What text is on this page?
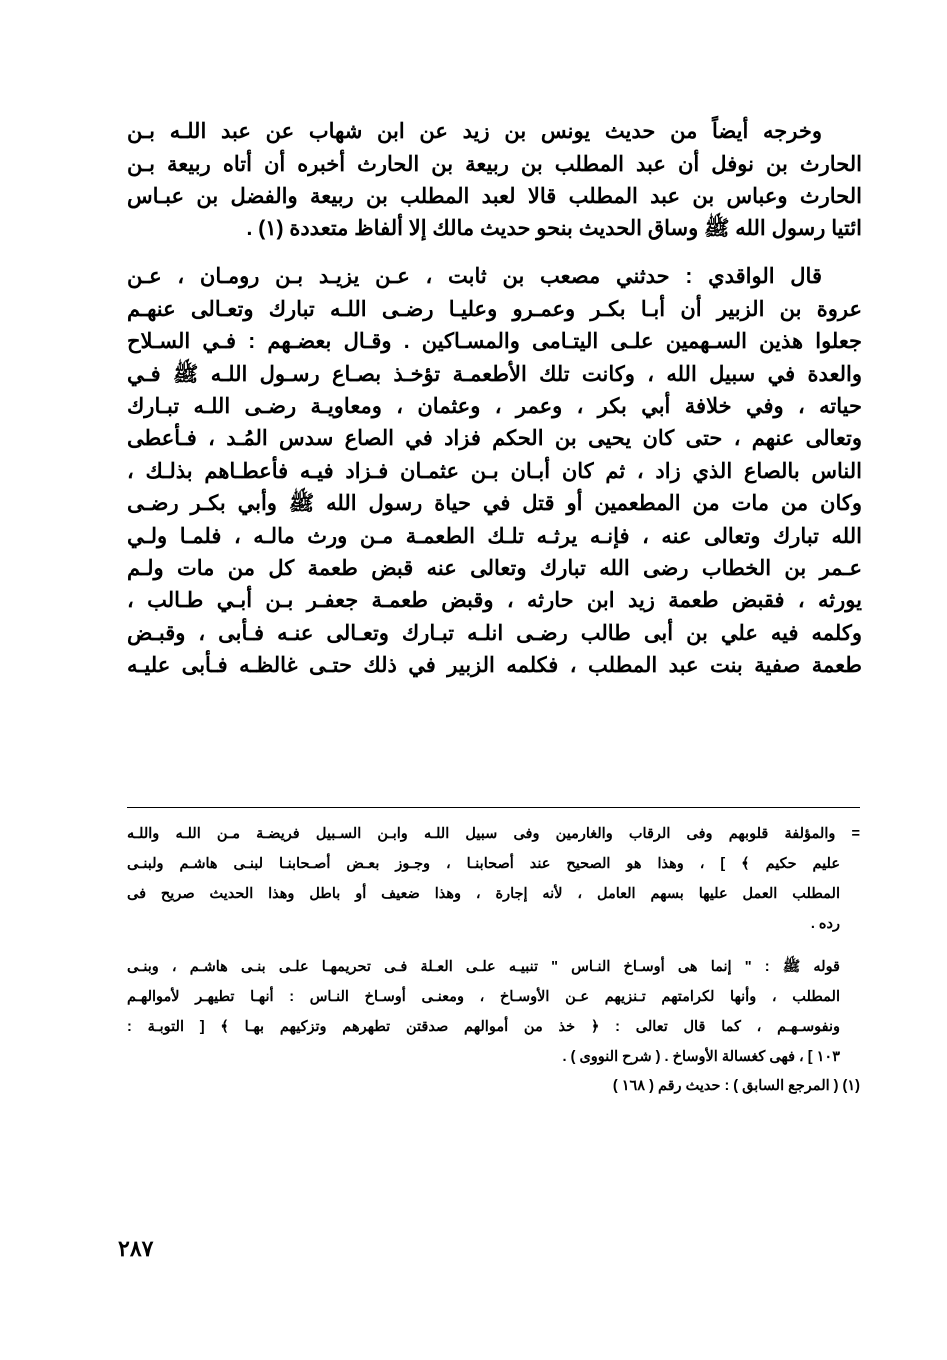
وخرجه أيضاً من حديث يونس بن زيد عن ابن شهاب عن عبد اللـه بـن
الحارث بن نوفل أن عبد المطلب بن ربيعة بن الحارث أخبره أن أتاه ربيعة بـن
الحارث وعباس بن عبد المطلب قالا لعبد المطلب بن ربيعة والفضل بن عبـاس
ائتيا رسول الله ﷺ وساق الحديث بنحو حديث مالك إلا ألفاظ متعددة (١) .
قال الواقدي : حدثني مصعب بن ثابت ، عـن يزيـد بـن رومـان ، عـن
عروة بن الزبير أن أبـا بكـر وعمـرو وعليـا رضـى اللـه تبارك وتعـالى عنهـم
جعلوا هذين السـهمين علـى اليتـامى والمسـاكين . وقـال بعضـهم : فـي السـلاح
والعدة في سبيل الله ، وكانت تلك الأطعمـة تؤخـذ بصـاع رسـول اللـه ﷺ فـي
حياته ، وفي خلافة أبي بكر ، وعمر ، وعثمان ، ومعاويـة رضـى اللـه تبـارك
وتعالى عنهم ، حتى كان يحيى بن الحكم فزاد في الصاع سدس المُـد ، فـأعطى
الناس بالصاع الذي زاد ، ثم كان أبـان بـن عثمـان فـزاد فيـه فأعطـاهم بذلـك ،
وكان من مات من المطعمين أو قتل في حياة رسول الله ﷺ وأبي بكـر رضـى
الله تبارك وتعالى عنه ، فإنـه يرثـه تلـك الطعمـة مـن ورث مالـه ، فلمـا ولـي
عـمر بن الخطاب رضى الله تبارك وتعالى عنه قبض طعمة كل من مات ولـم
يورثه ، فقبض طعمة زيد ابن حارثه ، وقبض طعمـة جعفـر بـن أبـي طـالب ،
وكلمه فيه علي بن أبى طالب رضـى انلـه تبـارك وتعـالى عنـه فـأبى ، وقبـض
طعمة صفية بنت عبد المطلب ، فكلمه الزبير في ذلك حتـى غالظـه فـأبى عليـه
= والمؤلفة قلوبهم وفى الرقاب والغارمين وفى سبيل اللـه وابـن السـبيل فريضـة مـن اللـه واللـه
عليم حكيم ﴾ ] ، وهذا هو الصحيح عند أصحابنـا ، وجـوز بعـض أصـحابنـا لبنـى هاشـم ولبنـى
المطلب العمل عليها بسهم العامل ، لأنه إجارة ، وهذا ضعيف أو باطل وهذا الحديث صريح فى
رده .
قوله ﷺ : " إنما هى أوسـاخ النـاس " تنبيـه علـى العـلة فـى تحريمهـا علـى بنـى هاشـم ، وبنـى
المطلب ، وأنها لكرامتهم تـنزيهم عـن الأوسـاخ ، ومعنـى أوسـاخ النـاس : أنهـا تطيهـر لأموالهـم
ونفوسـهـم ، كما قال تعالى : ﴿ خذ من أموالهم صدقتن تطهرهم وتزكيهم بهـا ﴾ [ التوبـة :
١٠٣ ] ، فهى كغسالة الأوساخ . ( شرح النووى ) .
(١) ( المرجع السابق ) : حديث رقم ( ١٦٨ )
٢٨٧
